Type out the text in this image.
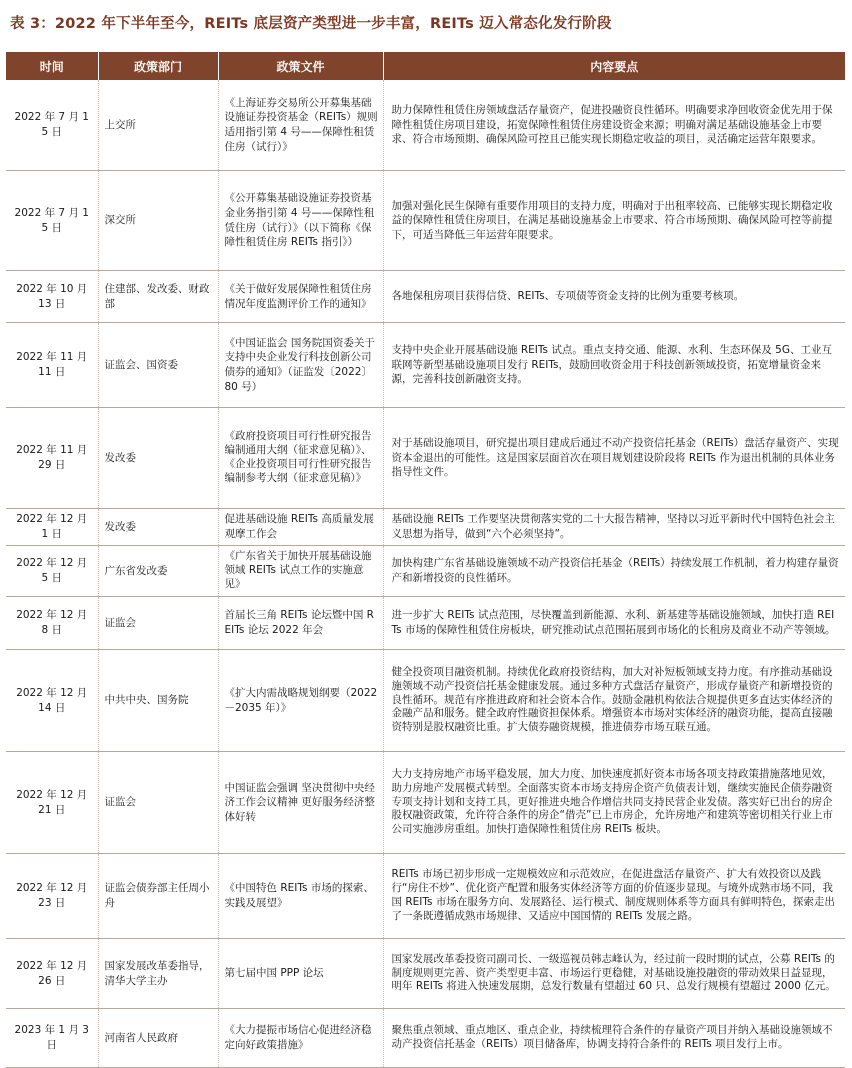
表 3：2022 年下半年至今，REITs 底层资产类型进一步丰富，REITs 迈入常态化发行阶段
时间	政策部门	政策文件	内容要点
2022 年 7 月 15 日	上交所	《上海证券交易所公开募集基础设施证券投资基金（REITs）规则适用指引第 4 号——保障性租赁住房（试行）》	助力保障性租赁住房领域盘活存量资产，促进投融资良性循环。明确要求净回收资金优先用于保障性租赁住房项目建设，拓宽保障性租赁住房建设资金来源；明确对满足基础设施基金上市要求、符合市场预期、确保风险可控且已能实现长期稳定收益的项目，灵活确定运营年限要求。
2022 年 7 月 15 日	深交所	《公开募集基础设施证券投资基金业务指引第 4 号——保障性租赁住房（试行）》（以下简称《保障性租赁住房 REITs 指引》）	加强对强化民生保障有重要作用项目的支持力度，明确对于出租率较高、已能够实现长期稳定收益的保障性租赁住房项目，在满足基础设施基金上市要求、符合市场预期、确保风险可控等前提下，可适当降低三年运营年限要求。
2022 年 10 月 13 日	住建部、发改委、财政部	《关于做好发展保障性租赁住房情况年度监测评价工作的通知》	各地保租房项目获得信贷、REITs、专项债等资金支持的比例为重要考核项。
2022 年 11 月 11 日	证监会、国资委	《中国证监会 国务院国资委关于支持中央企业发行科技创新公司债券的通知》（证监发〔2022〕80 号）	支持中央企业开展基础设施 REITs 试点。重点支持交通、能源、水利、生态环保及 5G、工业互联网等新型基础设施项目发行 REITs，鼓励回收资金用于科技创新领域投资，拓宽增量资金来源，完善科技创新融资支持。
2022 年 11 月 29 日	发改委	《政府投资项目可行性研究报告编制通用大纲（征求意见稿）》、《企业投资项目可行性研究报告编制参考大纲（征求意见稿）》	对于基础设施项目，研究提出项目建成后通过不动产投资信托基金（REITs）盘活存量资产、实现资本金退出的可能性。这是国家层面首次在项目规划建设阶段将 REITs 作为退出机制的具体业务指导性文件。
2022 年 12 月 1 日	发改委	促进基础设施 REITs 高质量发展观摩工作会	基础设施 REITs 工作要坚决贯彻落实党的二十大报告精神，坚持以习近平新时代中国特色社会主义思想为指导，做到“六个必须坚持”。
2022 年 12 月 5 日	广东省发改委	《广东省关于加快开展基础设施领域 REITs 试点工作的实施意见》	加快构建广东省基础设施领域不动产投资信托基金（REITs）持续发展工作机制，着力构建存量资产和新增投资的良性循环。
2022 年 12 月 8 日	证监会	首届长三角 REITs 论坛暨中国 REITs 论坛 2022 年会	进一步扩大 REITs 试点范围，尽快覆盖到新能源、水利、新基建等基础设施领域，加快打造 REITs 市场的保障性租赁住房板块，研究推动试点范围拓展到市场化的长租房及商业不动产等领域。
2022 年 12 月 14 日	中共中央、国务院	《扩大内需战略规划纲要（2022－2035 年）》	健全投资项目融资机制。持续优化政府投资结构，加大对补短板领域支持力度。有序推动基础设施领域不动产投资信托基金健康发展。通过多种方式盘活存量资产，形成存量资产和新增投资的良性循环。规范有序推进政府和社会资本合作。鼓励金融机构依法合规提供更多直达实体经济的金融产品和服务。健全政府性融资担保体系。增强资本市场对实体经济的融资功能，提高直接融资特别是股权融资比重。扩大债券融资规模，推进债券市场互联互通。
2022 年 12 月 21 日	证监会	中国证监会强调 坚决贯彻中央经济工作会议精神 更好服务经济整体好转	大力支持房地产市场平稳发展，加大力度、加快速度抓好资本市场各项支持政策措施落地见效，助力房地产发展模式转型。全面落实资本市场支持房企资产负债表计划，继续实施民企债券融资专项支持计划和支持工具，更好推进央地合作增信共同支持民营企业发债。落实好已出台的房企股权融资政策，允许符合条件的房企“借壳”已上市房企，允许房地产和建筑等密切相关行业上市公司实施涉房重组。加快打造保障性租赁住房 REITs 板块。
2022 年 12 月 23 日	证监会债券部主任周小舟	《中国特色 REITs 市场的探索、实践及展望》	REITs 市场已初步形成一定规模效应和示范效应，在促进盘活存量资产、扩大有效投资以及践行“房住不炒”、优化资产配置和服务实体经济等方面的价值逐步显现。与境外成熟市场不同，我国 REITs 市场在服务方向、发展路径、运行模式、制度规则体系等方面具有鲜明特色，探索走出了一条既遵循成熟市场规律、又适应中国国情的 REITs 发展之路。
2022 年 12 月 26 日	国家发展改革委指导，清华大学主办	第七届中国 PPP 论坛	国家发展改革委投资司副司长、一级巡视员韩志峰认为，经过前一段时期的试点，公募 REITs 的制度规则更完善、资产类型更丰富、市场运行更稳健，对基础设施投融资的带动效果日益显现，明年 REITs 将进入快速发展期，总发行数量有望超过 60 只、总发行规模有望超过 2000 亿元。
2023 年 1 月 3 日	河南省人民政府	《大力提振市场信心促进经济稳定向好政策措施》	聚焦重点领域、重点地区、重点企业，持续梳理符合条件的存量资产项目并纳入基础设施领域不动产投资信托基金（REITs）项目储备库，协调支持符合条件的 REITs 项目发行上市。
